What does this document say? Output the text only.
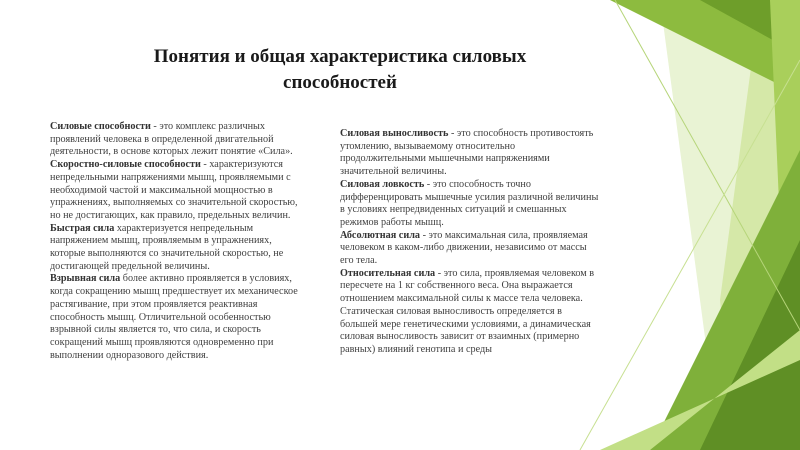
Понятия и общая характеристика силовых
способностей

Силовые способности - это комплекс различных проявлений человека в определенной двигательной деятельности, в основе которых лежит понятие «Сила».

Скоростно-силовые способности - характеризуются непредельными напряжениями мышц, проявляемыми с необходимой частой и максимальной мощностью в упражнениях, выполняемых со значительной скоростью, но не достигающих, как правило, предельных величин.

Быстрая сила характеризуется непредельным напряжением мышц, проявляемым в упражнениях, которые выполняются со значительной скоростью, не достигающей предельной величины.

Взрывная сила более активно проявляется в условиях, когда сокращению мышц предшествует их механическое растягивание, при этом проявляется реактивная способность мышц. Отличительной особенностью взрывной силы является то, что сила, и скорость сокращений мышц проявляются одновременно при выполнении одноразового действия.

Силовая выносливость - это способность противостоять утомлению, вызываемому относительно продолжительными мышечными напряжениями значительной величины.

Силовая ловкость - это способность точно дифференцировать мышечные усилия различной величины в условиях непредвиденных ситуаций и смешанных режимов работы мышц.

Абсолютная сила - это максимальная сила, проявляемая человеком в каком-либо движении, независимо от массы его тела.

Относительная сила - это сила, проявляемая человеком в пересчете на 1 кг собственного веса. Она выражается отношением максимальной силы к массе тела человека.

Статическая силовая выносливость определяется в большей мере генетическими условиями, а динамическая силовая выносливость зависит от взаимных (примерно равных) влияний генотипа и среды
